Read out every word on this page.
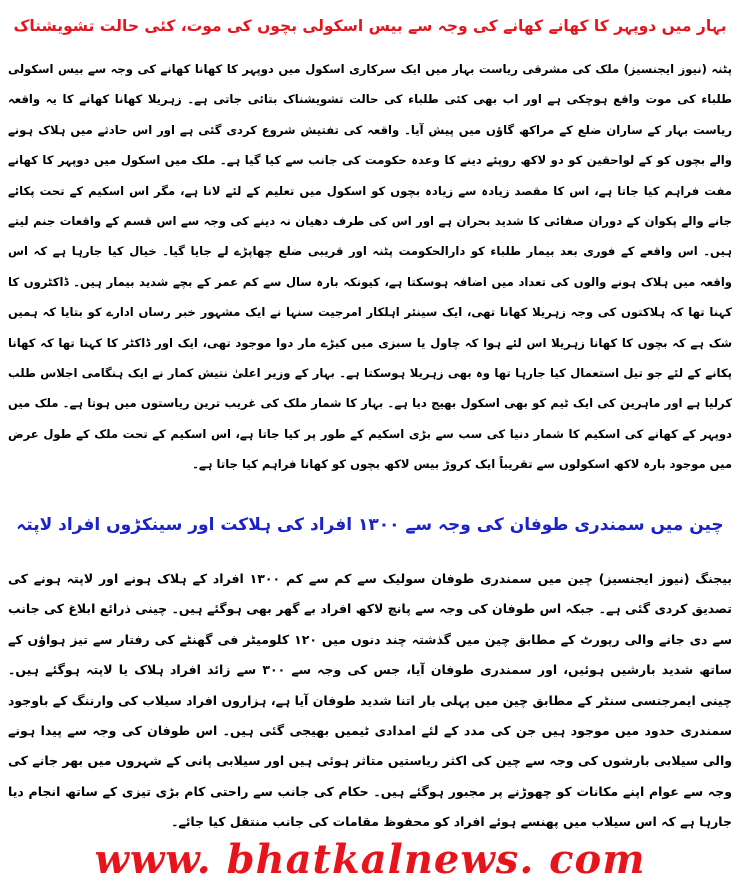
بہار میں دوپہر کا کھانے کھانے کی وجہ سے بیس اسکولی بچوں کی موت، کئی حالت تشویشناک
پٹنہ (نیوز ایجنسیز) ملک کی مشرقی ریاست بہار میں ایک سرکاری اسکول میں دوپہر کا کھانا کھانے کی وجہ سے بیس اسکولی طلباء کی موت واقع ہوچکی ہے اور اب بھی کئی طلباء کی حالت تشویشناک بتائی جاتی ہے۔ زہریلا کھانا کھانے کا یہ واقعہ ریاست بہار کے ساران ضلع کے مراکھ گاؤں میں پیش آیا۔ واقعہ کی تفتیش شروع کردی گئی ہے اور اس حادثے میں ہلاک ہونے والے بچوں کو کے لواحقین کو دو لاکھ روپئے دینے کا وعدہ حکومت کی جانب سے کیا گیا ہے۔ ملک میں اسکول میں دوپہر کا کھانے مفت فراہم کیا جاتا ہے، اس کا مقصد زیادہ سے زیادہ بچوں کو اسکول میں تعلیم کے لئے لانا ہے، مگر اس اسکیم کے تحت پکائے جانے والے پکوان کے دوران صفائی کا شدید بحران ہے اور اس کی طرف دھیان نہ دینے کی وجہ سے اس قسم کے واقعات جنم لیتے ہیں۔ اس واقعے کے فوری بعد بیمار طلباء کو دارالحکومت پٹنہ اور قریبی ضلع چھاپڑے لے جایا گیا۔ خیال کیا جارہا ہے کہ اس واقعہ میں ہلاک ہونے والوں کی تعداد میں اضافہ ہوسکتا ہے، کیونکہ بارہ سال سے کم عمر کے بچے شدید بیمار ہیں۔ ڈاکٹروں کا کہنا تھا کہ ہلاکتوں کی وجہ زہریلا کھانا تھی، ایک سینئر اہلکار امرجیت سنہا نے ایک مشہور خبر رساں ادارے کو بتایا کہ ہمیں شک ہے کہ بچوں کا کھانا زہریلا اس لئے ہوا کہ چاول یا سبزی میں کیڑے مار دوا موجود تھی، ایک اور ڈاکٹر کا کہنا تھا کہ کھانا پکانے کے لئے جو تیل استعمال کیا جارہا تھا وہ بھی زہریلا ہوسکتا ہے۔ بہار کے وزیر اعلیٰ نتیش کمار نے ایک ہنگامی اجلاس طلب کرلیا ہے اور ماہرین کی ایک ٹیم کو بھی اسکول بھیج دیا ہے۔ بہار کا شمار ملک کی غریب ترین ریاستوں میں ہوتا ہے۔ ملک میں دوپہر کے کھانے کی اسکیم کا شمار دنیا کی سب سے بڑی اسکیم کے طور پر کیا جاتا ہے، اس اسکیم کے تحت ملک کے طول عرض میں موجود بارہ لاکھ اسکولوں سے تقریباً ایک کروڑ بیس لاکھ بچوں کو کھانا فراہم کیا جاتا ہے۔
چین میں سمندری طوفان کی وجہ سے ۱۳۰۰ افراد کی ہلاکت اور سینکڑوں افراد لاپتہ
بیجنگ (نیوز ایجنسیز) چین میں سمندری طوفان سولیک سے کم سے کم ۱۳۰۰ افراد کے ہلاک ہونے اور لاپتہ ہونے کی تصدیق کردی گئی ہے۔ جبکہ اس طوفان کی وجہ سے پانچ لاکھ افراد بے گھر بھی ہوگئے ہیں۔ چینی ذرائع ابلاغ کی جانب سے دی جانے والی رپورٹ کے مطابق چین میں گذشتہ چند دنوں میں ۱۲۰ کلومیٹر فی گھنٹے کی رفتار سے تیز ہواؤں کے ساتھ شدید بارشیں ہوئیں، اور سمندری طوفان آیا، جس کی وجہ سے ۳۰۰ سے زائد افراد ہلاک یا لاپتہ ہوگئے ہیں۔ چینی ایمرجنسی سنٹر کے مطابق چین میں پہلی بار اتنا شدید طوفان آیا ہے، ہزاروں افراد سیلاب کی وارننگ کے باوجود سمندری حدود میں موجود ہیں جن کی مدد کے لئے امدادی ٹیمیں بھیجی گئی ہیں۔ اس طوفان کی وجہ سے پیدا ہونے والی سیلابی بارشوں کی وجہ سے چین کی اکثر ریاستیں متاثر ہوئی ہیں اور سیلابی پانی کے شہروں میں بھر جانے کی وجہ سے عوام اپنے مکانات کو چھوڑنے پر مجبور ہوگئے ہیں۔ حکام کی جانب سے راحتی کام بڑی تیزی کے ساتھ انجام دیا جارہا ہے کہ اس سیلاب میں پھنسے ہوئے افراد کو محفوظ مقامات کی جانب منتقل کیا جائے۔
www. bhatkalnews. com
